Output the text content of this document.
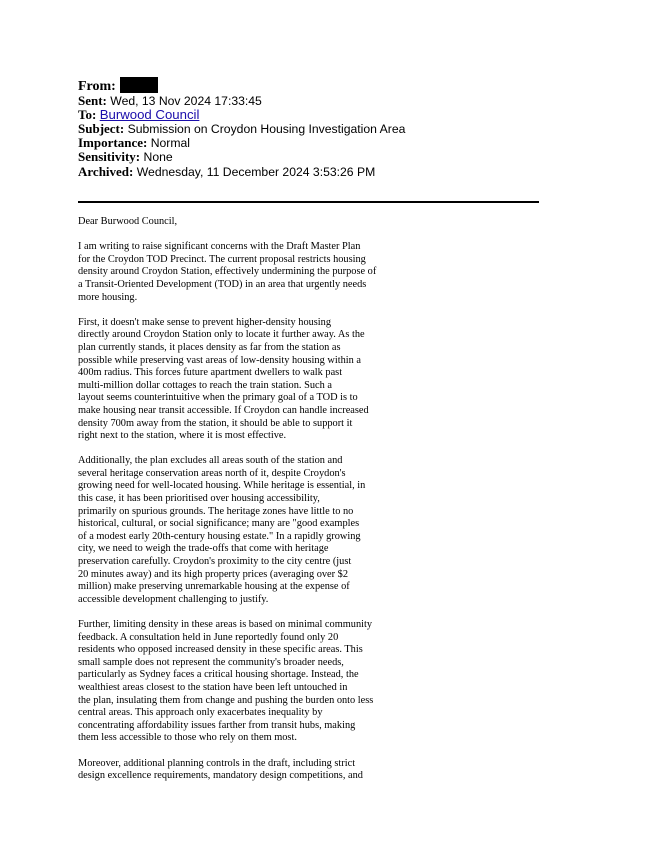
From:
Sent: Wed, 13 Nov 2024 17:33:45
To: Burwood Council
Subject: Submission on Croydon Housing Investigation Area
Importance: Normal
Sensitivity: None
Archived: Wednesday, 11 December 2024 3:53:26 PM
Dear Burwood Council,
I am writing to raise significant concerns with the Draft Master Plan
for the Croydon TOD Precinct. The current proposal restricts housing
density around Croydon Station, effectively undermining the purpose of
a Transit-Oriented Development (TOD) in an area that urgently needs
more housing.
First, it doesn't make sense to prevent higher-density housing
directly around Croydon Station only to locate it further away. As the
plan currently stands, it places density as far from the station as
possible while preserving vast areas of low-density housing within a
400m radius. This forces future apartment dwellers to walk past
multi-million dollar cottages to reach the train station. Such a
layout seems counterintuitive when the primary goal of a TOD is to
make housing near transit accessible. If Croydon can handle increased
density 700m away from the station, it should be able to support it
right next to the station, where it is most effective.
Additionally, the plan excludes all areas south of the station and
several heritage conservation areas north of it, despite Croydon's
growing need for well-located housing. While heritage is essential, in
this case, it has been prioritised over housing accessibility,
primarily on spurious grounds. The heritage zones have little to no
historical, cultural, or social significance; many are "good examples
of a modest early 20th-century housing estate." In a rapidly growing
city, we need to weigh the trade-offs that come with heritage
preservation carefully. Croydon's proximity to the city centre (just
20 minutes away) and its high property prices (averaging over $2
million) make preserving unremarkable housing at the expense of
accessible development challenging to justify.
Further, limiting density in these areas is based on minimal community
feedback. A consultation held in June reportedly found only 20
residents who opposed increased density in these specific areas. This
small sample does not represent the community's broader needs,
particularly as Sydney faces a critical housing shortage. Instead, the
wealthiest areas closest to the station have been left untouched in
the plan, insulating them from change and pushing the burden onto less
central areas. This approach only exacerbates inequality by
concentrating affordability issues farther from transit hubs, making
them less accessible to those who rely on them most.
Moreover, additional planning controls in the draft, including strict
design excellence requirements, mandatory design competitions, and
